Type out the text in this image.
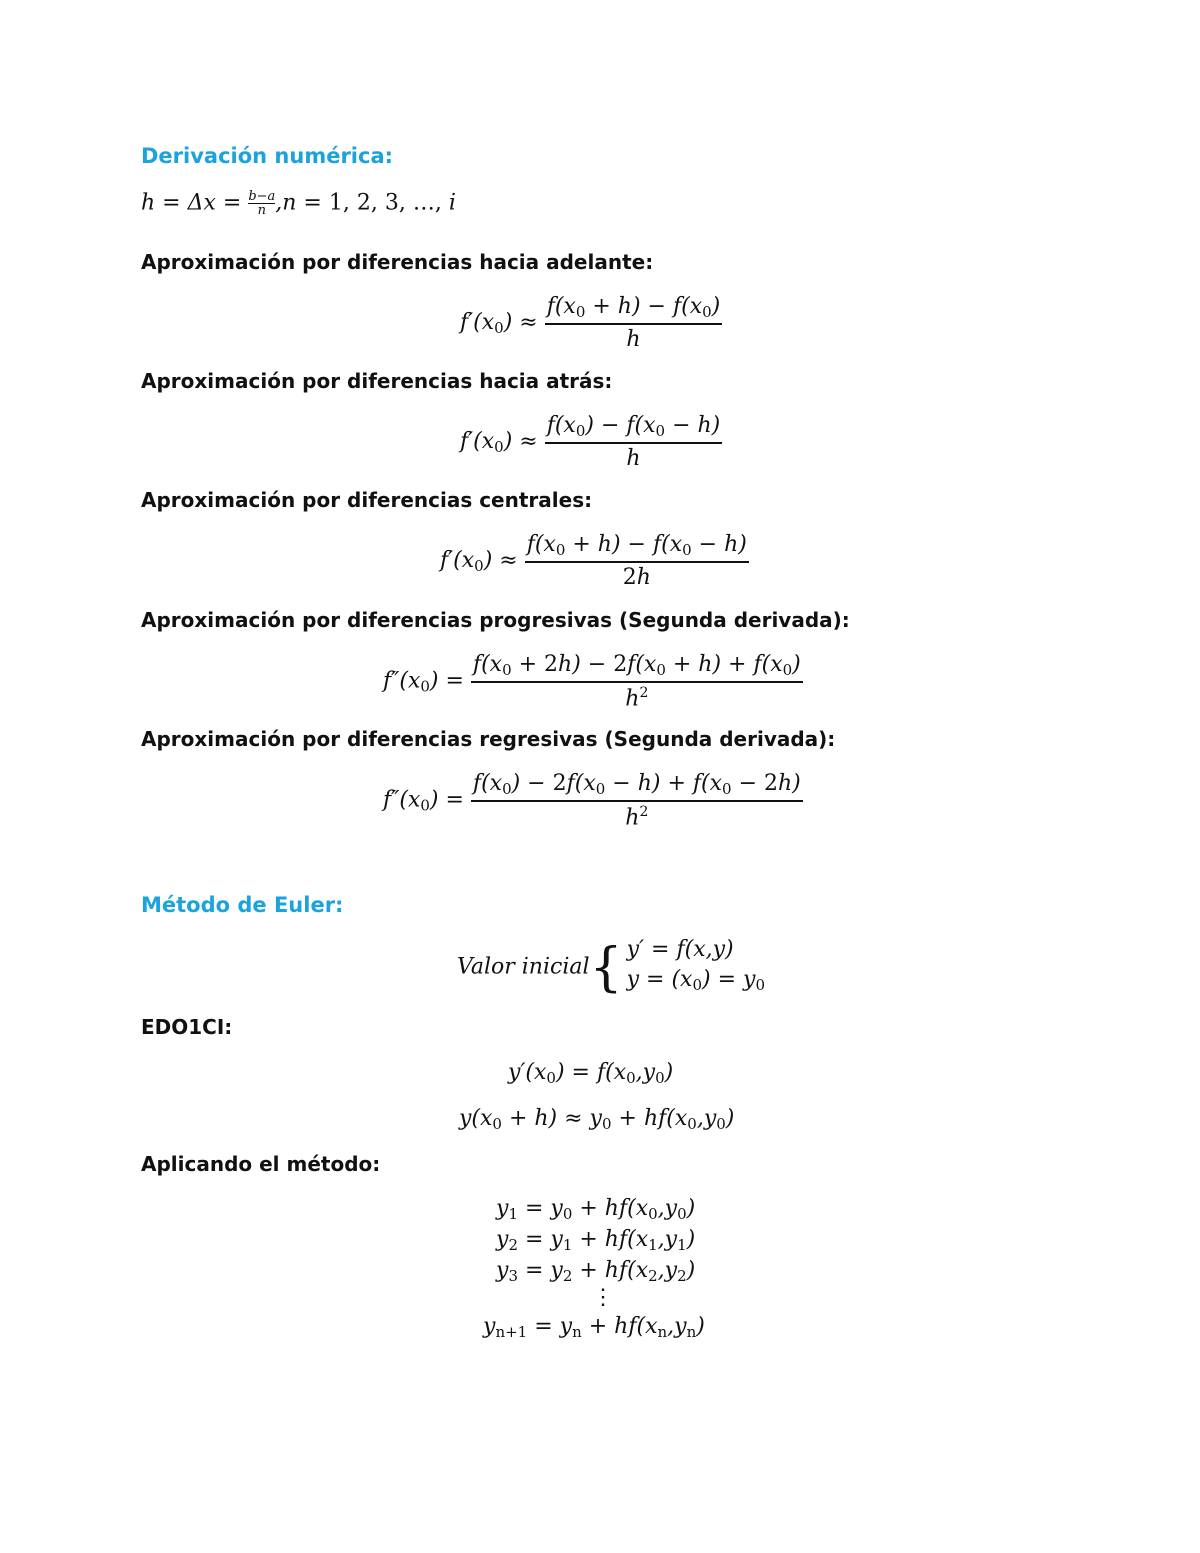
Derivación numérica:
$h = \Delta x = \frac{b-a}{n} ,n = 1$, 2, 3, …, i
Aproximación por diferencias hacia adelante:
$f'(x_0) \approx \frac{f(x_0 + h) - f(x_0)}{h}$
Aproximación por diferencias hacia atrás:
$f'(x_0) \approx \frac{f(x_0) - f(x_0 - h)}{h}$
Aproximación por diferencias centrales:
$f'(x_0) \approx \frac{f(x_0 + h) - f(x_0 - h)}{2h}$
Aproximación por diferencias progresivas (Segunda derivada):
$f''(x_0) = \frac{f(x_0 + 2h) - 2f(x_0 + h) + f(x_0)}{h^2}$
Aproximación por diferencias regresivas (Segunda derivada):
$f''(x_0) = \frac{f(x_0) - 2f(x_0 - h) + f(x_0 - 2h)}{h^2}$
Método de Euler:
Valor inicial{ y′ = f(x,y)
$y = (x_0) = y_0$
EDO1CI:
$y'(x_0) = f(x_0,y_0)$
$y(x_0 + h) \approx y_0 + hf(x_0,y_0)$
Aplicando el método:
$y_1 = y_0 + hf(x_0,y_0)$
$y_2 = y_1 + hf(x_1,y_1)$
$y_3 = y_2 + hf(x_2,y_2)$
⋮
$y_{n+1} = y_n + hf(x_n,y_n)$
